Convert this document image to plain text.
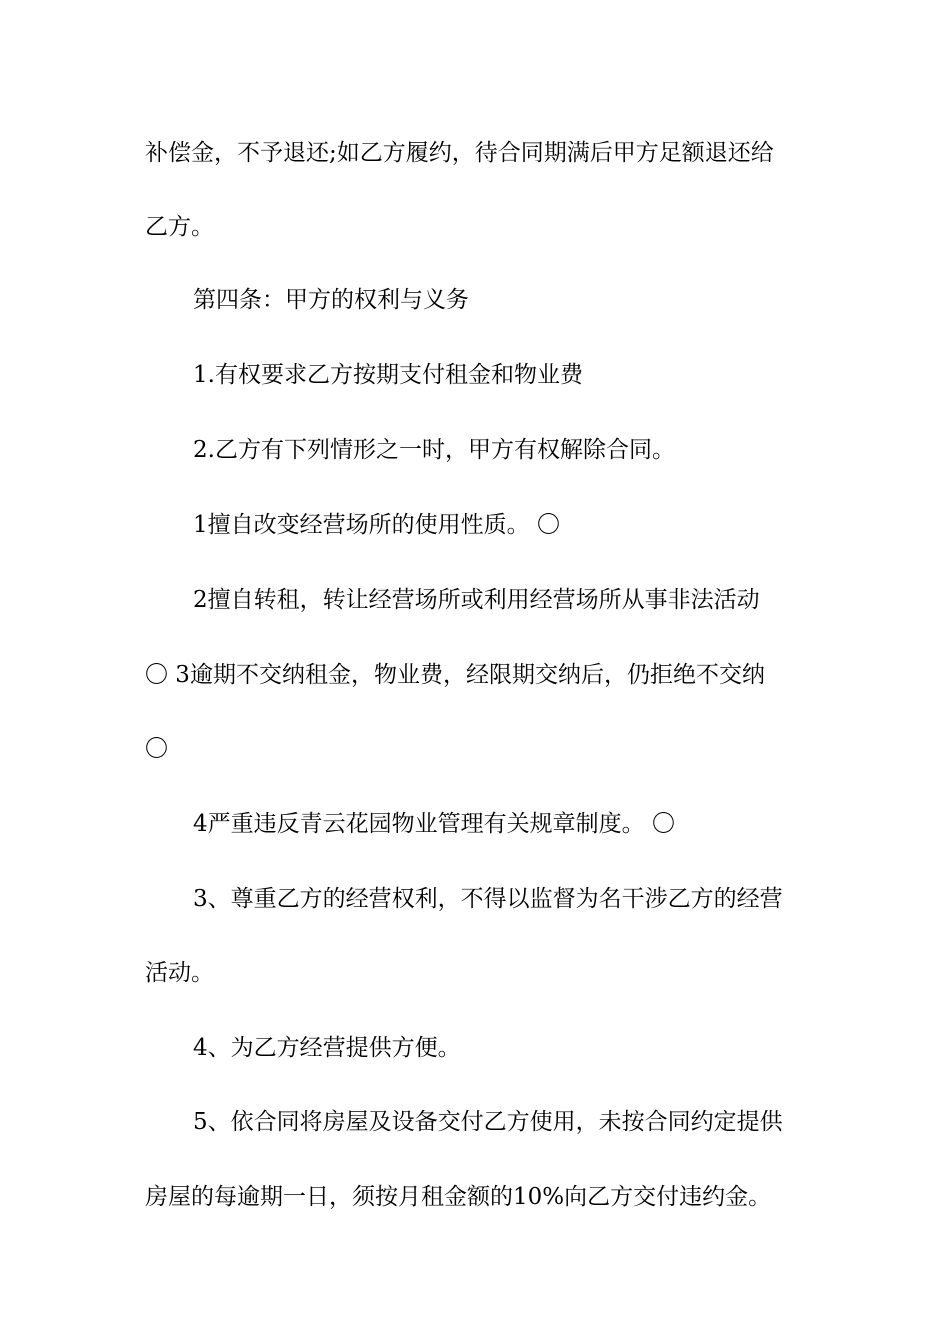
补偿金，不予退还;如乙方履约，待合同期满后甲方足额退还给
乙方。
第四条：甲方的权利与义务
1.有权要求乙方按期支付租金和物业费
2.乙方有下列情形之一时，甲方有权解除合同。
1擅自改变经营场所的使用性质。 〇
2擅自转租，转让经营场所或利用经营场所从事非法活动
〇 3逾期不交纳租金，物业费，经限期交纳后，仍拒绝不交纳
〇
4严重违反青云花园物业管理有关规章制度。 〇
3、尊重乙方的经营权利，不得以监督为名干涉乙方的经营
活动。
4、为乙方经营提供方便。
5、依合同将房屋及设备交付乙方使用，未按合同约定提供
房屋的每逾期一日，须按月租金额的10%向乙方交付违约金。
